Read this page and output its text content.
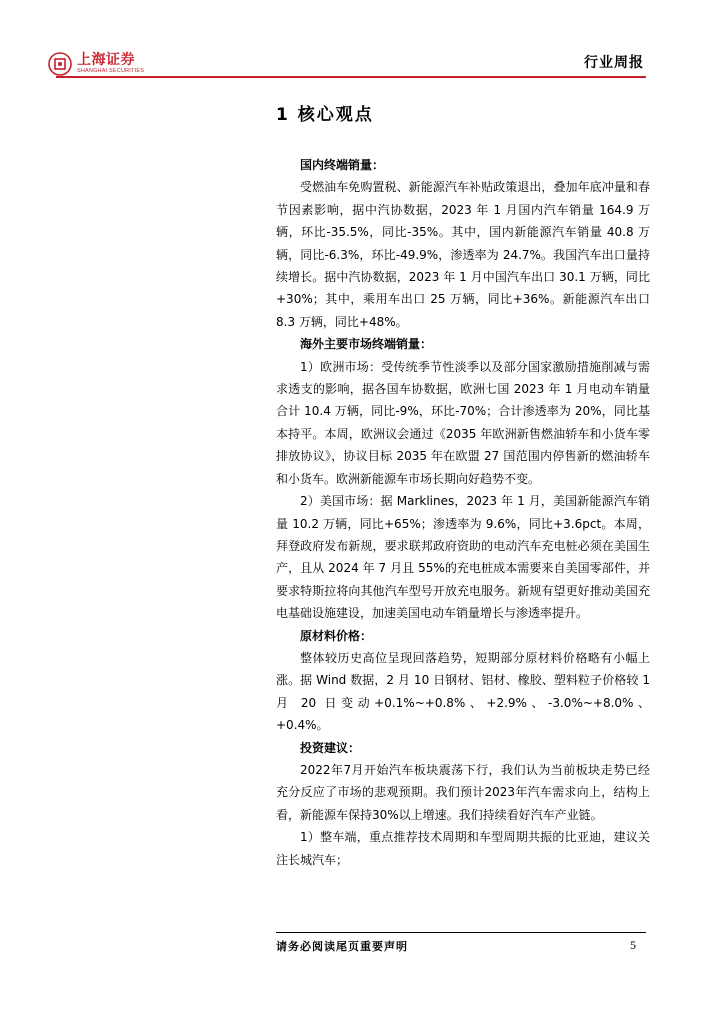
上海证券
SHANGHAI SECURITIES	行业周报
1 核心观点

国内终端销量：

受燃油车免购置税、新能源汽车补贴政策退出，叠加年底冲量和春节因素影响，据中汽协数据，2023 年 1 月国内汽车销量 164.9 万辆，环比-35.5%，同比-35%。其中，国内新能源汽车销量 40.8 万辆，同比-6.3%，环比-49.9%，渗透率为 24.7%。我国汽车出口量持续增长。据中汽协数据，2023 年 1 月中国汽车出口 30.1 万辆，同比+30%；其中，乘用车出口 25 万辆，同比+36%。新能源汽车出口 8.3 万辆，同比+48%。

海外主要市场终端销量：

1）欧洲市场：受传统季节性淡季以及部分国家激励措施削减与需求透支的影响，据各国车协数据，欧洲七国 2023 年 1 月电动车销量合计 10.4 万辆，同比-9%，环比-70%；合计渗透率为 20%，同比基本持平。本周，欧洲议会通过《2035 年欧洲新售燃油轿车和小货车零排放协议》，协议目标 2035 年在欧盟 27 国范围内停售新的燃油轿车和小货车。欧洲新能源车市场长期向好趋势不变。

2）美国市场：据 Marklines，2023 年 1 月，美国新能源汽车销量 10.2 万辆，同比+65%；渗透率为 9.6%，同比+3.6pct。本周，拜登政府发布新规，要求联邦政府资助的电动汽车充电桩必须在美国生产，且从 2024 年 7 月且 55%的充电桩成本需要来自美国零部件，并要求特斯拉将向其他汽车型号开放充电服务。新规有望更好推动美国充电基础设施建设，加速美国电动车销量增长与渗透率提升。

原材料价格：

整体较历史高位呈现回落趋势，短期部分原材料价格略有小幅上涨。据 Wind 数据，2 月 10 日钢材、铝材、橡胶、塑料粒子价格较 1 月 20 日变动+0.1%~+0.8%、+2.9%、-3.0%~+8.0%、+0.4%。

投资建议：

2022年7月开始汽车板块震荡下行，我们认为当前板块走势已经充分反应了市场的悲观预期。我们预计2023年汽车需求向上，结构上看，新能源车保持30%以上增速。我们持续看好汽车产业链。

1）整车端，重点推荐技术周期和车型周期共振的比亚迪，建议关注长城汽车；

请务必阅读尾页重要声明	5
